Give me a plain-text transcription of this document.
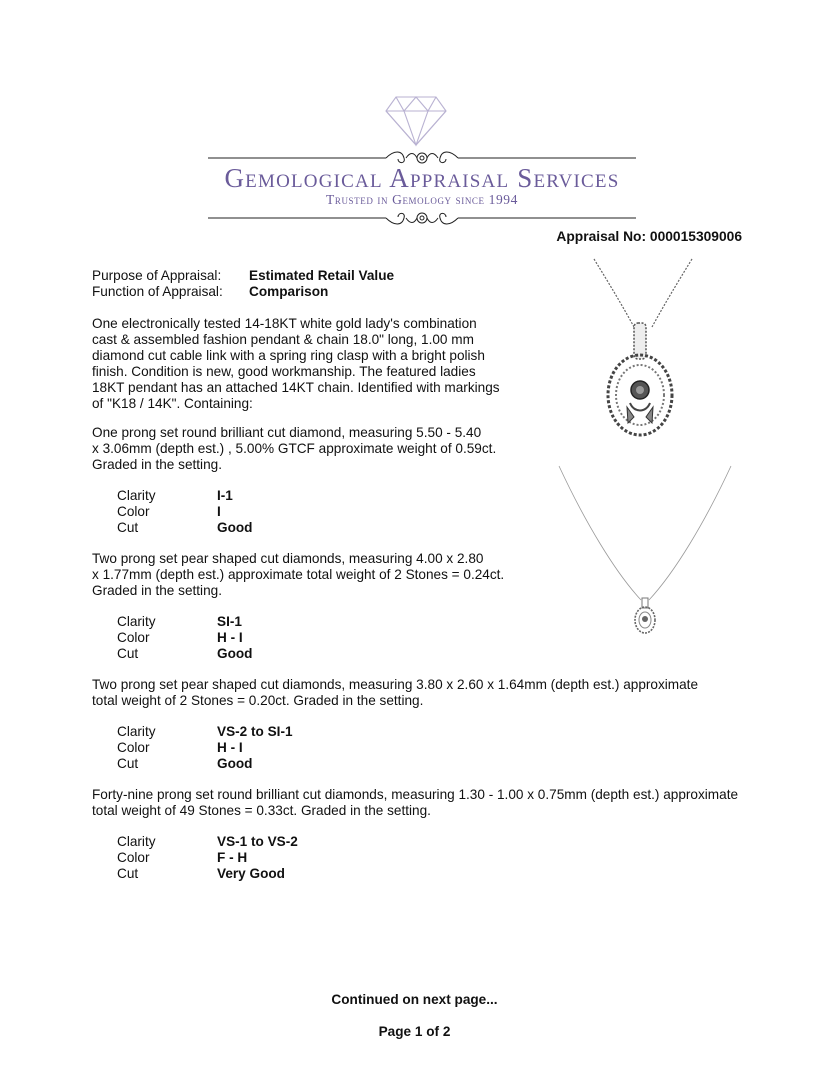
Gemological Appraisal Services
Trusted in Gemology since 1994
Appraisal No: 000015309006
Purpose of Appraisal:	Estimated Retail Value
Function of Appraisal:	Comparison
One electronically tested 14-18KT white gold lady's combination
cast & assembled fashion pendant & chain 18.0" long, 1.00 mm
diamond cut cable link with a spring ring clasp with a bright polish
finish. Condition is new, good workmanship. The featured ladies
18KT pendant has an attached 14KT chain. Identified with markings
of "K18 / 14K". Containing:
One prong set round brilliant cut diamond, measuring 5.50 - 5.40
x 3.06mm (depth est.) , 5.00% GTCF approximate weight of 0.59ct.
Graded in the setting.
Clarity	I-1
Color	I
Cut	Good
Two prong set pear shaped cut diamonds, measuring 4.00 x 2.80
x 1.77mm (depth est.) approximate total weight of 2 Stones = 0.24ct.
Graded in the setting.
Clarity	SI-1
Color	H - I
Cut	Good
Two prong set pear shaped cut diamonds, measuring 3.80 x 2.60 x 1.64mm (depth est.) approximate
total weight of 2 Stones = 0.20ct. Graded in the setting.
Clarity	VS-2 to SI-1
Color	H - I
Cut	Good
Forty-nine prong set round brilliant cut diamonds, measuring 1.30 - 1.00 x 0.75mm (depth est.) approximate
total weight of 49 Stones = 0.33ct. Graded in the setting.
Clarity	VS-1 to VS-2
Color	F - H
Cut	Very Good
Continued on next page...
Page 1 of 2
